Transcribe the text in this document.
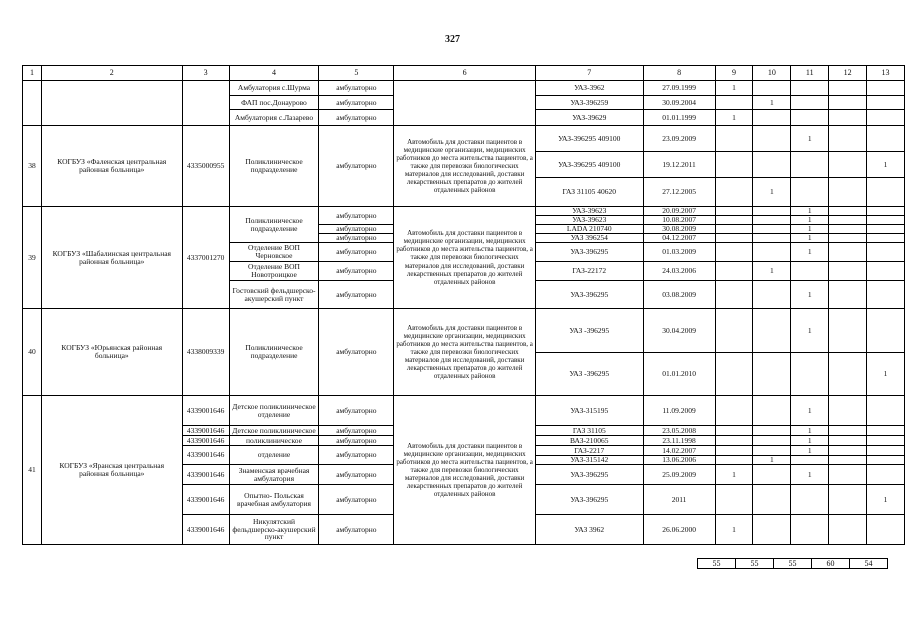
327
1	2	3	4	5	6	7	8	9	10	11	12	13
			Амбулатория с.Шурма	амбулаторно		УАЗ-3962	27.09.1999	1				
			ФАП пос.Донаурово	амбулаторно		УАЗ-396259	30.09.2004		1			
			Амбулатория с.Лазарево	амбулаторно		УАЗ-39629	01.01.1999	1				
38	КОГБУЗ «Фаленская центральная районная больница»	4335000955	Поликлиническое подразделение	амбулаторно	Автомобиль для доставки пациентов в медицинские организации, медицинских работников до места жительства пациентов, а также для перевозки биологических материалов для исследований, доставки лекарственных препаратов до жителей отдаленных районов	УАЗ-396295 409100	23.09.2009			1		
						УАЗ-396295 409100	19.12.2011					1
						ГАЗ 31105 40620	27.12.2005		1			
39	КОГБУЗ «Шабалинская центральная районная больница»	4337001270	Поликлиническое подразделение	амбулаторно	Автомобиль для доставки пациентов в медицинские организации, медицинских работников до места жительства пациентов, а также для перевозки биологических материалов для исследований, доставки лекарственных препаратов до жителей отдаленных районов	УАЗ-39623	20.09.2007			1		
						УАЗ-39623	10.08.2007			1		
				амбулаторно		LADA 210740	30.08.2009			1		
				амбулаторно		УАЗ 396254	04.12.2007			1		
			Отделение ВОП Черновское	амбулаторно		УАЗ-396295	01.03.2009			1		
			Отделение ВОП Новотроицкое	амбулаторно		ГАЗ-22172	24.03.2006		1			
			Гостовский фельдшерско-акушерский пункт	амбулаторно		УАЗ-396295	03.08.2009			1		
40	КОГБУЗ «Юрьянская районная больница»	4338009339	Поликлиническое подразделение	амбулаторно	Автомобиль для доставки пациентов в медицинские организации, медицинских работников до места жительства пациентов, а также для перевозки биологических материалов для исследований, доставки лекарственных препаратов до жителей отдаленных районов	УАЗ -396295	30.04.2009			1		
						УАЗ -396295	01.01.2010					1
41	КОГБУЗ «Яранская центральная районная больница»	4339001646	Детское поликлиническое отделение	амбулаторно	Автомобиль для доставки пациентов в медицинские организации, медицинских работников до места жительства пациентов, а также для перевозки биологических материалов для исследований, доставки лекарственных препаратов до жителей отдаленных районов	УАЗ-315195	11.09.2009			1		
		4339001646	Детское поликлиническое	амбулаторно		ГАЗ 31105	23.05.2008			1		
		4339001646	поликлиническое	амбулаторно		ВАЗ-210065	23.11.1998			1		
		4339001646	отделение	амбулаторно		ГАЗ-2217	14.02.2007			1		
						УАЗ-315142	13.06.2006		1			
		4339001646	Знаменская врачебная амбулатория	амбулаторно		УАЗ-396295	25.09.2009	1		1		
		4339001646	Опытно- Польская врачебная амбулатория	амбулаторно		УАЗ-396295	2011					1
		4339001646	Никулятский фельдшерско-акушерский пункт	амбулаторно		УАЗ 3962	26.06.2000	1				
55	55	55	60	54
